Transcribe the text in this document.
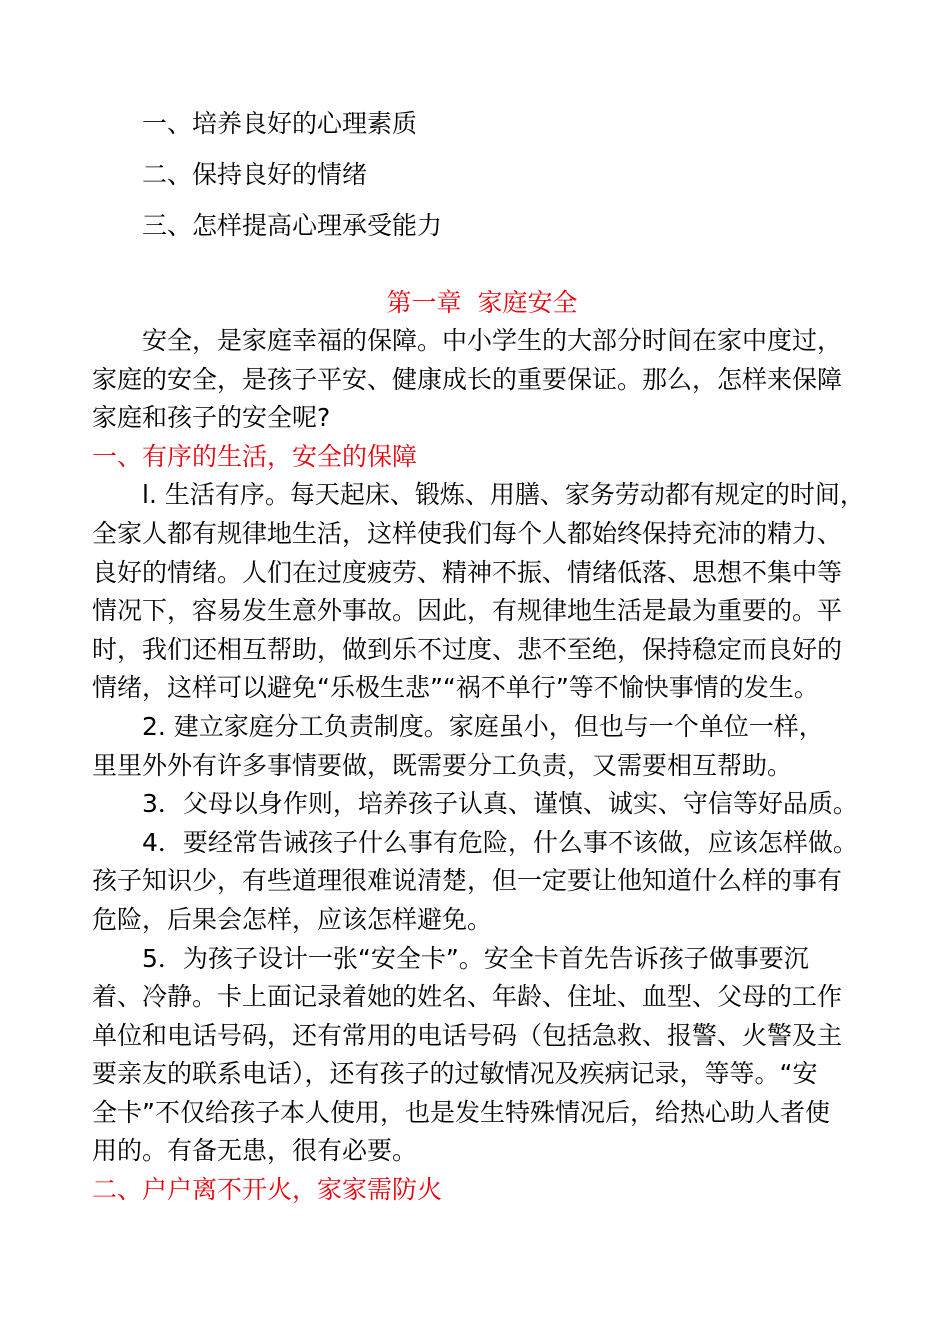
一、培养良好的心理素质
二、保持良好的情绪
三、怎样提高心理承受能力
第一章  家庭安全

安全，是家庭幸福的保障。中小学生的大部分时间在家中度过，
家庭的安全，是孩子平安、健康成长的重要保证。那么，怎样来保障
家庭和孩子的安全呢?

一、有序的生活，安全的保障

l. 生活有序。每天起床、锻炼、用膳、家务劳动都有规定的时间，
全家人都有规律地生活，这样使我们每个人都始终保持充沛的精力、
良好的情绪。人们在过度疲劳、精神不振、情绪低落、思想不集中等
情况下，容易发生意外事故。因此，有规律地生活是最为重要的。平
时，我们还相互帮助，做到乐不过度、悲不至绝，保持稳定而良好的
情绪，这样可以避免“乐极生悲”“祸不单行”等不愉快事情的发生。

2. 建立家庭分工负责制度。家庭虽小，但也与一个单位一样，
里里外外有许多事情要做，既需要分工负责，又需要相互帮助。

3．父母以身作则，培养孩子认真、谨慎、诚实、守信等好品质。

4．要经常告诫孩子什么事有危险，什么事不该做，应该怎样做。
孩子知识少，有些道理很难说清楚，但一定要让他知道什么样的事有
危险，后果会怎样，应该怎样避免。

5．为孩子设计一张“安全卡”。安全卡首先告诉孩子做事要沉
着、冷静。卡上面记录着她的姓名、年龄、住址、血型、父母的工作
单位和电话号码，还有常用的电话号码（包括急救、报警、火警及主
要亲友的联系电话），还有孩子的过敏情况及疾病记录，等等。“安
全卡”不仅给孩子本人使用，也是发生特殊情况后，给热心助人者使
用的。有备无患，很有必要。

二、户户离不开火，家家需防火
